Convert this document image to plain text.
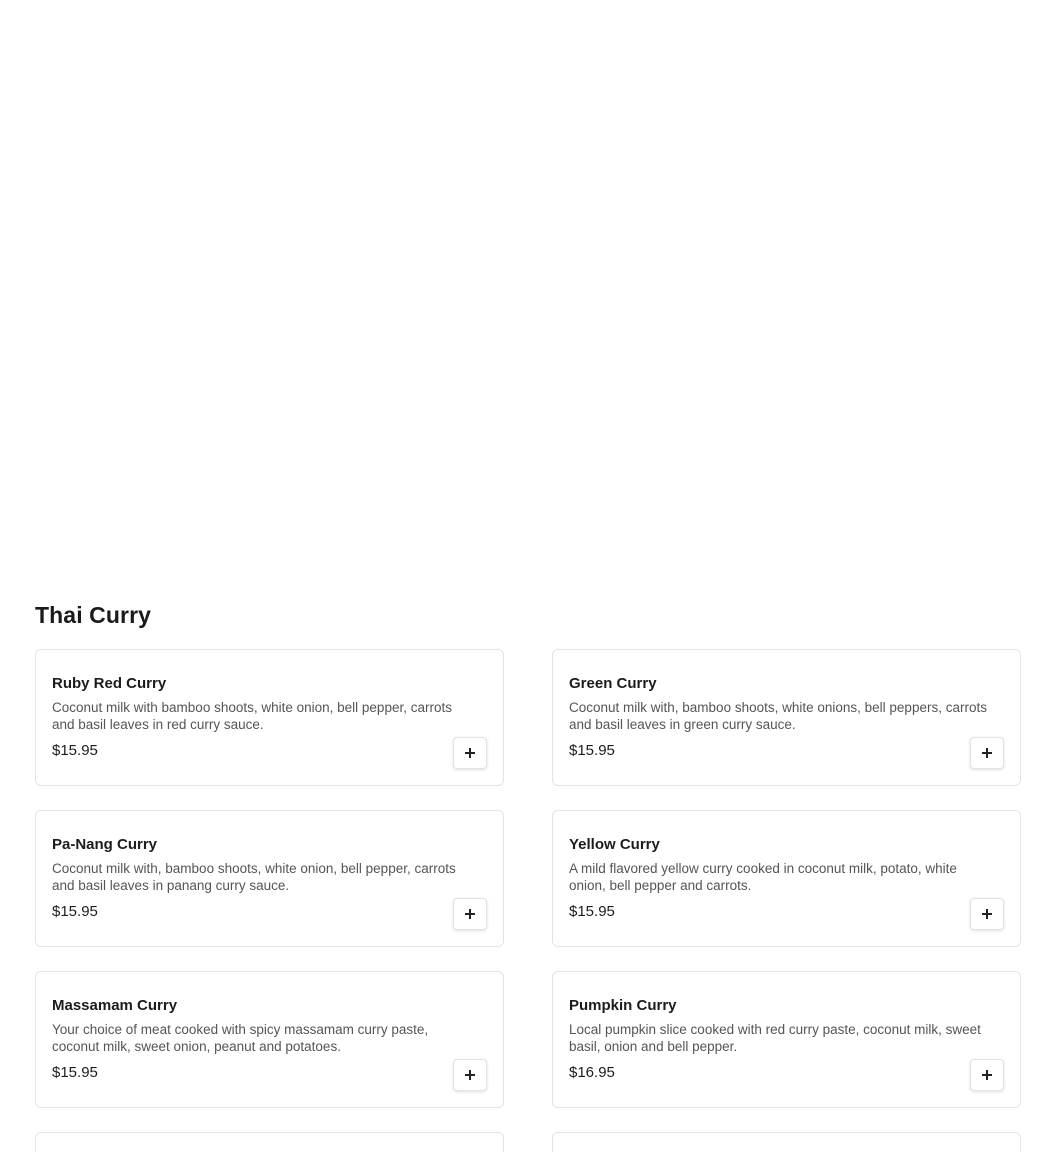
Thai Curry

Ruby Red Curry

Coconut milk with bamboo shoots, white onion, bell pepper, carrots and basil leaves in red curry sauce.

$15.95

Green Curry

Coconut milk with, bamboo shoots, white onions, bell peppers, carrots and basil leaves in green curry sauce.

$15.95

Pa-Nang Curry

Coconut milk with, bamboo shoots, white onion, bell pepper, carrots and basil leaves in panang curry sauce.

$15.95

Yellow Curry

A mild flavored yellow curry cooked in coconut milk, potato, white onion, bell pepper and carrots.

$15.95

Massamam Curry

Your choice of meat cooked with spicy massamam curry paste, coconut milk, sweet onion, peanut and potatoes.

$15.95

Pumpkin Curry

Local pumpkin slice cooked with red curry paste, coconut milk, sweet basil, onion and bell pepper.

$16.95
